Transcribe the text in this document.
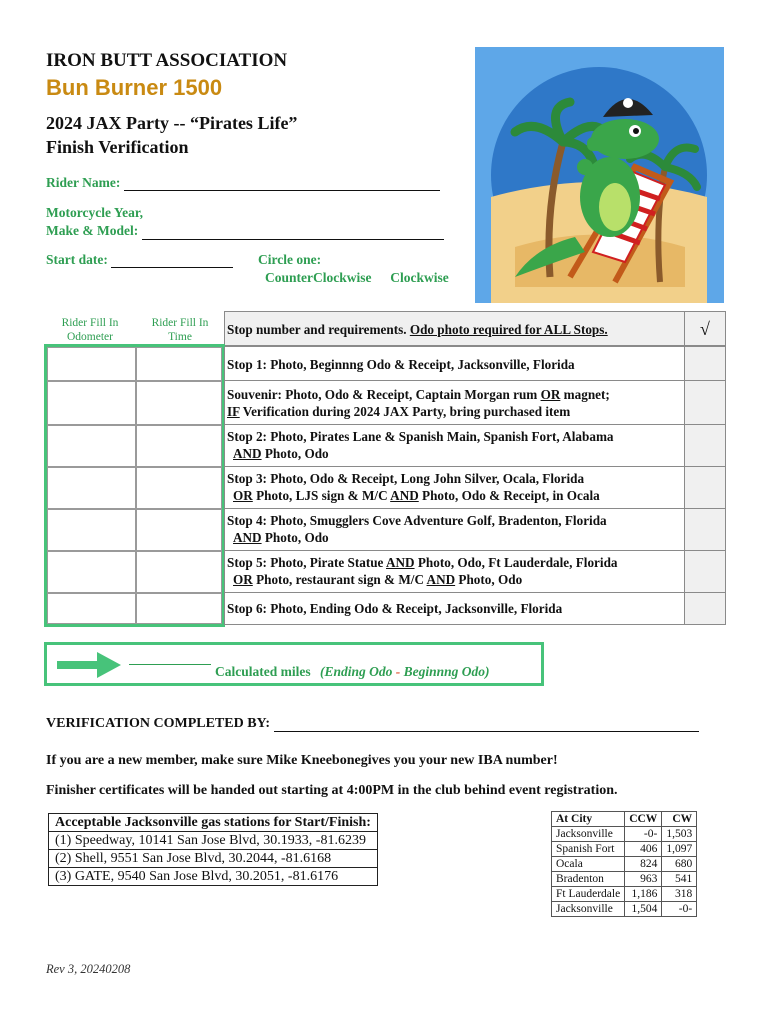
IRON BUTT ASSOCIATION
Bun Burner 1500
2024 JAX Party -- “Pirates Life”
Finish Verification
Rider Name:
Motorcycle Year,
Make & Model:
Start date:	Circle one:
CounterClockwise Clockwise
Rider Fill In
Odometer
Rider Fill In
Time	Stop number and requirements. Odo photo required for ALL Stops.	√
Stop 1: Photo, Beginnng Odo & Receipt, Jacksonville, Florida
Souvenir: Photo, Odo & Receipt, Captain Morgan rum OR magnet;
IF Verification during 2024 JAX Party, bring purchased item
Stop 2: Photo, Pirates Lane & Spanish Main, Spanish Fort, Alabama
AND Photo, Odo
Stop 3: Photo, Odo & Receipt, Long John Silver, Ocala, Florida
OR Photo, LJS sign & M/C AND Photo, Odo & Receipt, in Ocala
Stop 4: Photo, Smugglers Cove Adventure Golf, Bradenton, Florida
AND Photo, Odo
Stop 5: Photo, Pirate Statue AND Photo, Odo, Ft Lauderdale, Florida
OR Photo, restaurant sign & M/C AND Photo, Odo
Stop 6: Photo, Ending Odo & Receipt, Jacksonville, Florida
Calculated miles (Ending Odo - Beginnng Odo)
VERIFICATION COMPLETED BY:
If you are a new member, make sure Mike Kneebonegives you your new IBA number!
Finisher certificates will be handed out starting at 4:00PM in the club behind event registration.
Acceptable Jacksonville gas stations for Start/Finish:
(1) Speedway, 10141 San Jose Blvd, 30.1933, -81.6239
(2) Shell, 9551 San Jose Blvd, 30.2044, -81.6168
(3) GATE, 9540 San Jose Blvd, 30.2051, -81.6176
At City	CCW	CW
Jacksonville	-0-	1,503
Spanish Fort	406	1,097
Ocala	824	680
Bradenton	963	541
Ft Lauderdale	1,186	318
Jacksonville	1,504	-0-
Rev 3, 20240208
